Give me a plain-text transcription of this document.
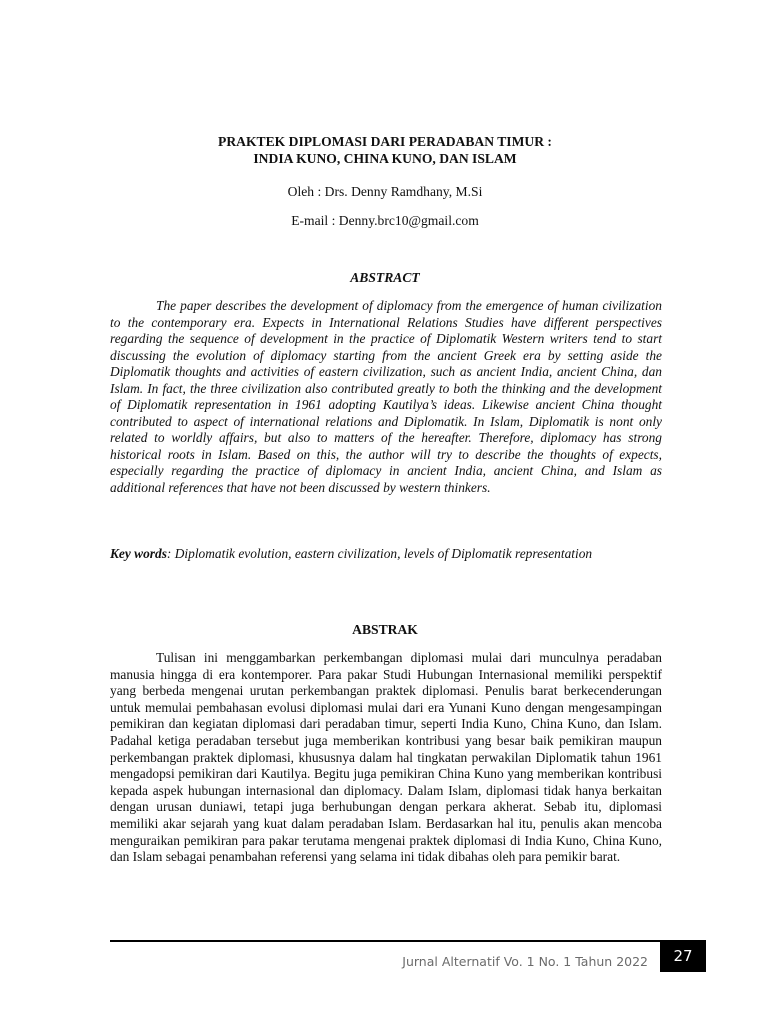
PRAKTEK DIPLOMASI DARI PERADABAN TIMUR :
INDIA KUNO, CHINA KUNO, DAN ISLAM
Oleh : Drs. Denny Ramdhany, M.Si
E-mail : Denny.brc10@gmail.com
ABSTRACT

The paper describes the development of diplomacy from the emergence of human civilization to the contemporary era. Expects in International Relations Studies have different perspectives regarding the sequence of development in the practice of Diplomatik Western writers tend to start discussing the evolution of diplomacy starting from the ancient Greek era by setting aside the Diplomatik thoughts and activities of eastern civilization, such as ancient India, ancient China, dan Islam. In fact, the three civilization also contributed greatly to both the thinking and the development of Diplomatik representation in 1961 adopting Kautilya’s ideas. Likewise ancient China thought contributed to aspect of international relations and Diplomatik. In Islam, Diplomatik is nont only related to worldly affairs, but also to matters of the hereafter. Therefore, diplomacy has strong historical roots in Islam. Based on this, the author will try to describe the thoughts of expects, especially regarding the practice of diplomacy in ancient India, ancient China, and Islam as additional references that have not been discussed by western thinkers.

Key words: Diplomatik evolution, eastern civilization, levels of Diplomatik representation

ABSTRAK

Tulisan ini menggambarkan perkembangan diplomasi mulai dari munculnya peradaban manusia hingga di era kontemporer. Para pakar Studi Hubungan Internasional memiliki perspektif yang berbeda mengenai urutan perkembangan praktek diplomasi. Penulis barat berkecenderungan untuk memulai pembahasan evolusi diplomasi mulai dari era Yunani Kuno dengan mengesampingan pemikiran dan kegiatan diplomasi dari peradaban timur, seperti India Kuno, China Kuno, dan Islam. Padahal ketiga peradaban tersebut juga memberikan kontribusi yang besar baik pemikiran maupun perkembangan praktek diplomasi, khususnya dalam hal tingkatan perwakilan Diplomatik tahun 1961 mengadopsi pemikiran dari Kautilya. Begitu juga pemikiran China Kuno yang memberikan kontribusi kepada aspek hubungan internasional dan diplomacy. Dalam Islam, diplomasi tidak hanya berkaitan dengan urusan duniawi, tetapi juga berhubungan dengan perkara akherat. Sebab itu, diplomasi memiliki akar sejarah yang kuat dalam peradaban Islam. Berdasarkan hal itu, penulis akan mencoba menguraikan pemikiran para pakar terutama mengenai praktek diplomasi di India Kuno, China Kuno, dan Islam sebagai penambahan referensi yang selama ini tidak dibahas oleh para pemikir barat.

Jurnal Alternatif Vo. 1 No. 1 Tahun 2022	27
